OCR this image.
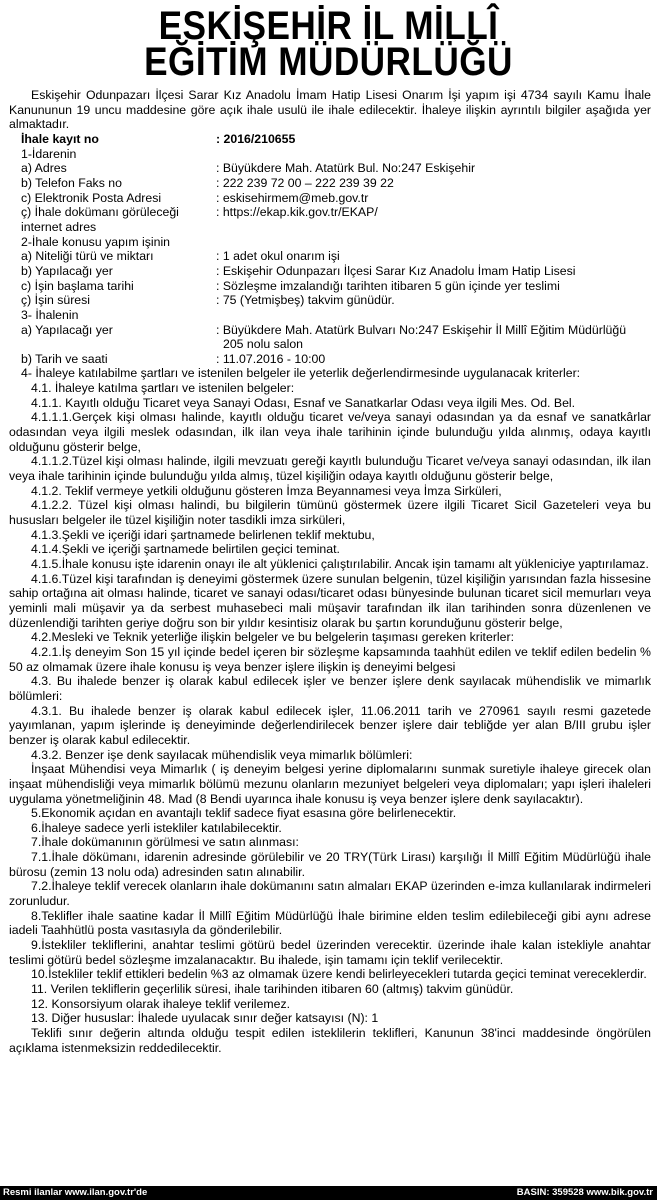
ESKİŞEHİR İL MİLLÎ
EĞİTİM MÜDÜRLÜĞÜ

Eskişehir Odunpazarı İlçesi Sarar Kız Anadolu İmam Hatip Lisesi Onarım İşi yapım işi 4734 sayılı Kamu İhale Kanununun 19 uncu maddesine göre açık ihale usulü ile ihale edilecektir. İhaleye ilişkin ayrıntılı bilgiler aşağıda yer almaktadır.

İhale kayıt no	: 2016/210655
1-İdarenin
a) Adres	: Büyükdere Mah. Atatürk Bul. No:247 Eskişehir
b) Telefon Faks no	: 222 239 72 00 – 222 239 39 22
c) Elektronik Posta Adresi	: eskisehirmem@meb.gov.tr
ç) İhale dokümanı görüleceği	: https://ekap.kik.gov.tr/EKAP/
internet adres
2-İhale konusu yapım işinin
a) Niteliği türü ve miktarı	: 1 adet okul onarım işi
b) Yapılacağı yer	: Eskişehir Odunpazarı İlçesi Sarar Kız Anadolu İmam Hatip Lisesi
c) İşin başlama tarihi	: Sözleşme imzalandığı tarihten itibaren 5 gün içinde yer teslimi
ç) İşin süresi	: 75 (Yetmişbeş) takvim günüdür.
3- İhalenin
a) Yapılacağı yer	: Büyükdere Mah. Atatürk Bulvarı No:247 Eskişehir İl Millî Eğitim Müdürlüğü
205 nolu salon
b) Tarih ve saati	: 11.07.2016 - 10:00

4- İhaleye katılabilme şartları ve istenilen belgeler ile yeterlik değerlendirmesinde uygulanacak kriterler:

4.1. İhaleye katılma şartları ve istenilen belgeler:

4.1.1. Kayıtlı olduğu Ticaret veya Sanayi Odası, Esnaf ve Sanatkarlar Odası veya ilgili Mes. Od. Bel.

4.1.1.1.Gerçek kişi olması halinde, kayıtlı olduğu ticaret ve/veya sanayi odasından ya da esnaf ve sanatkârlar odasından veya ilgili meslek odasından, ilk ilan veya ihale tarihinin içinde bulunduğu yılda alınmış, odaya kayıtlı olduğunu gösterir belge,

4.1.1.2.Tüzel kişi olması halinde, ilgili mevzuatı gereği kayıtlı bulunduğu Ticaret ve/veya sanayi odasından, ilk ilan veya ihale tarihinin içinde bulunduğu yılda almış, tüzel kişiliğin odaya kayıtlı olduğunu gösterir belge,

4.1.2. Teklif vermeye yetkili olduğunu gösteren İmza Beyannamesi veya İmza Sirküleri,

4.1.2.2. Tüzel kişi olması halindi, bu bilgilerin tümünü göstermek üzere ilgili Ticaret Sicil Gazeteleri veya bu hususları belgeler ile tüzel kişiliğin noter tasdikli imza sirküleri,

4.1.3.Şekli ve içeriği idari şartnamede belirlenen teklif mektubu,

4.1.4.Şekli ve içeriği şartnamede belirtilen geçici teminat.

4.1.5.İhale konusu işte idarenin onayı ile alt yüklenici çalıştırılabilir. Ancak işin tamamı alt yükleniciye yaptırılamaz.

4.1.6.Tüzel kişi tarafından iş deneyimi göstermek üzere sunulan belgenin, tüzel kişiliğin yarısından fazla hissesine sahip ortağına ait olması halinde, ticaret ve sanayi odası/ticaret odası bünyesinde bulunan ticaret sicil memurları veya yeminli mali müşavir ya da serbest muhasebeci mali müşavir tarafından ilk ilan tarihinden sonra düzenlenen ve düzenlendiği tarihten geriye doğru son bir yıldır kesintisiz olarak bu şartın korunduğunu gösterir belge,

4.2.Mesleki ve Teknik yeterliğe ilişkin belgeler ve bu belgelerin taşıması gereken kriterler:

4.2.1.İş deneyim Son 15 yıl içinde bedel içeren bir sözleşme kapsamında taahhüt edilen ve teklif edilen bedelin % 50 az olmamak üzere ihale konusu iş veya benzer işlere ilişkin iş deneyimi belgesi

4.3. Bu ihalede benzer iş olarak kabul edilecek işler ve benzer işlere denk sayılacak mühendislik ve mimarlık bölümleri:

4.3.1. Bu ihalede benzer iş olarak kabul edilecek işler, 11.06.2011 tarih ve 270961 sayılı resmi gazetede yayımlanan, yapım işlerinde iş deneyiminde değerlendirilecek benzer işlere dair tebliğde yer alan B/III grubu işler benzer iş olarak kabul edilecektir.

4.3.2. Benzer işe denk sayılacak mühendislik veya mimarlık bölümleri:

İnşaat Mühendisi veya Mimarlık ( iş deneyim belgesi yerine diplomalarını sunmak suretiyle ihaleye girecek olan inşaat mühendisliği veya mimarlık bölümü mezunu olanların mezuniyet belgeleri veya diplomaları; yapı işleri ihaleleri uygulama yönetmeliğinin 48. Mad (8 Bendi uyarınca ihale konusu iş veya benzer işlere denk sayılacaktır).

5.Ekonomik açıdan en avantajlı teklif sadece fiyat esasına göre belirlenecektir.

6.İhaleye sadece yerli istekliler katılabilecektir.

7.İhale dokümanının görülmesi ve satın alınması:

7.1.İhale dökümanı, idarenin adresinde görülebilir ve 20 TRY(Türk Lirası) karşılığı İl Millî Eğitim Müdürlüğü ihale bürosu (zemin 13 nolu oda) adresinden satın alınabilir.

7.2.İhaleye teklif verecek olanların ihale dokümanını satın almaları EKAP üzerinden e-imza kullanılarak indirmeleri zorunludur.

8.Teklifler ihale saatine kadar İl Millî Eğitim Müdürlüğü İhale birimine elden teslim edilebileceği gibi aynı adrese iadeli Taahhütlü posta vasıtasıyla da gönderilebilir.

9.İstekliler tekliflerini, anahtar teslimi götürü bedel üzerinden verecektir. üzerinde ihale kalan istekliyle anahtar teslimi götürü bedel sözleşme imzalanacaktır. Bu ihalede, işin tamamı için teklif verilecektir.

10.İstekliler teklif ettikleri bedelin %3 az olmamak üzere kendi belirleyecekleri tutarda geçici teminat vereceklerdir.

11. Verilen tekliflerin geçerlilik süresi, ihale tarihinden itibaren 60 (altmış) takvim günüdür.

12. Konsorsiyum olarak ihaleye teklif verilemez.

13. Diğer hususlar: İhalede uyulacak sınır değer katsayısı (N): 1

Teklifi sınır değerin altında olduğu tespit edilen isteklilerin teklifleri, Kanunun 38'inci maddesinde öngörülen açıklama istenmeksizin reddedilecektir.

Resmi ilanlar www.ilan.gov.tr'de	BASIN: 359528 www.bik.gov.tr
